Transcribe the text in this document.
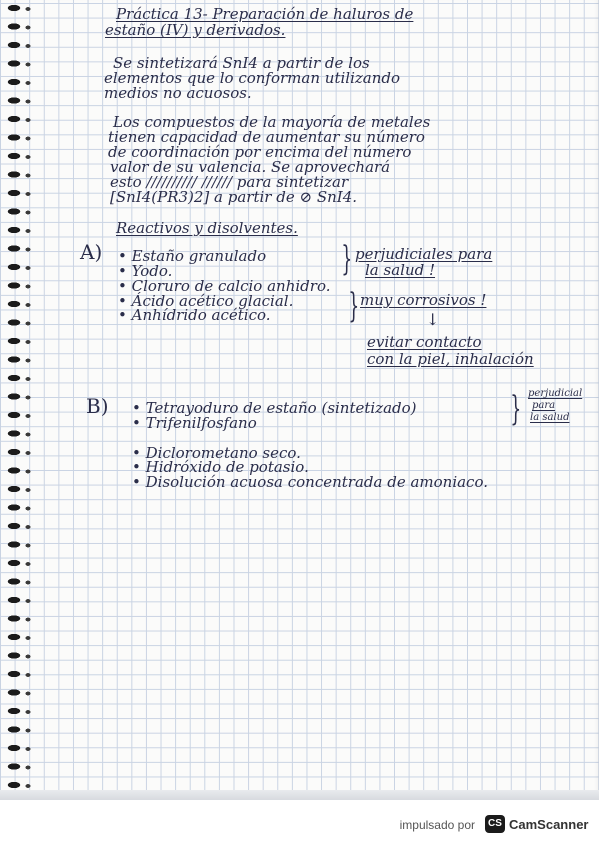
Práctica 13- Preparación de haluros de
estaño (IV) y derivados.
Se sintetizará SnI4 a partir de los
elementos que lo conforman utilizando
medios no acuosos.
Los compuestos de la mayoría de metales
tienen capacidad de aumentar su número
de coordinación por encima del número
valor de su valencia. Se aprovechará
esto ////////// ////// para sintetizar
[SnI4(PR3)2] a partir de ⊘ SnI4.
Reactivos y disolventes.
A) • Estaño granulado
• Yodo.
• Cloruro de calcio anhidro.
• Ácido acético glacial.
• Anhídrido acético.
} perjudiciales para
la salud !
} muy corrosivos !
↓
evitar contacto
con la piel, inhalación
B) • Tetrayoduro de estaño (sintetizado)
• Trifenilfosfano
• Diclorometano seco.
• Hidróxido de potasio.
• Disolución acuosa concentrada de amoniaco.
} perjudicial
para
la salud
impulsado por	CS CamScanner
